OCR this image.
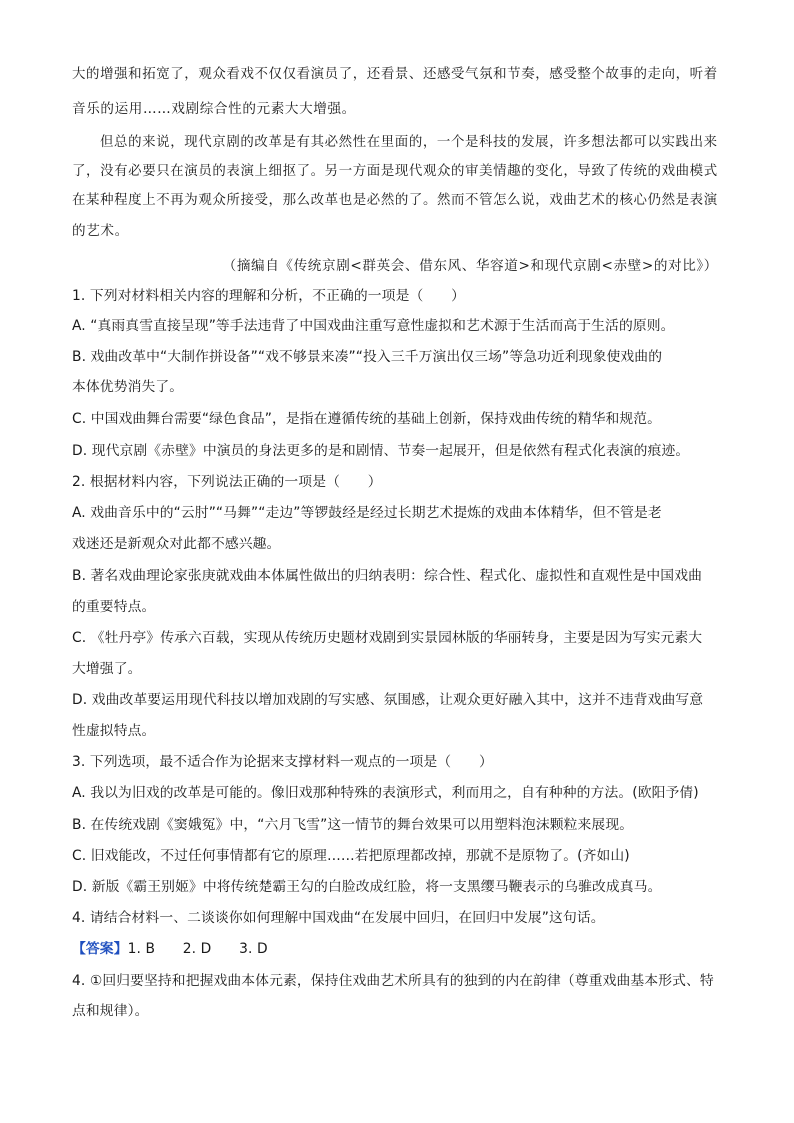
大的增强和拓宽了，观众看戏不仅仅看演员了，还看景、还感受气氛和节奏，感受整个故事的走向，听着
音乐的运用……戏剧综合性的元素大大增强。
但总的来说，现代京剧的改革是有其必然性在里面的，一个是科技的发展，许多想法都可以实践出来
了，没有必要只在演员的表演上细抠了。另一方面是现代观众的审美情趣的变化，导致了传统的戏曲模式
在某种程度上不再为观众所接受，那么改革也是必然的了。然而不管怎么说，戏曲艺术的核心仍然是表演
的艺术。
（摘编自《传统京剧<群英会、借东风、华容道>和现代京剧<赤壁>的对比》）
1. 下列对材料相关内容的理解和分析，不正确的一项是（　　）
A. “真雨真雪直接呈现”等手法违背了中国戏曲注重写意性虚拟和艺术源于生活而高于生活的原则。
B. 戏曲改革中“大制作拼设备”“戏不够景来凑”“投入三千万演出仅三场”等急功近利现象使戏曲的
本体优势消失了。
C. 中国戏曲舞台需要“绿色食品”，是指在遵循传统的基础上创新，保持戏曲传统的精华和规范。
D. 现代京剧《赤壁》中演员的身法更多的是和剧情、节奏一起展开，但是依然有程式化表演的痕迹。
2. 根据材料内容，下列说法正确的一项是（　　）
A. 戏曲音乐中的“云肘”“马舞”“走边”等锣鼓经是经过长期艺术提炼的戏曲本体精华，但不管是老
戏迷还是新观众对此都不感兴趣。
B. 著名戏曲理论家张庚就戏曲本体属性做出的归纳表明：综合性、程式化、虚拟性和直观性是中国戏曲
的重要特点。
C. 《牡丹亭》传承六百载，实现从传统历史题材戏剧到实景园林版的华丽转身，主要是因为写实元素大
大增强了。
D. 戏曲改革要运用现代科技以增加戏剧的写实感、氛围感，让观众更好融入其中，这并不违背戏曲写意
性虚拟特点。
3. 下列选项，最不适合作为论据来支撑材料一观点的一项是（　　）
A. 我以为旧戏的改革是可能的。像旧戏那种特殊的表演形式，利而用之，自有种种的方法。(欧阳予倩)
B. 在传统戏剧《窦娥冤》中，“六月飞雪”这一情节的舞台效果可以用塑料泡沫颗粒来展现。
C. 旧戏能改，不过任何事情都有它的原理……若把原理都改掉，那就不是原物了。(齐如山)
D. 新版《霸王别姬》中将传统楚霸王勾的白脸改成红脸，将一支黑缨马鞭表示的乌骓改成真马。
4. 请结合材料一、二谈谈你如何理解中国戏曲“在发展中回归，在回归中发展”这句话。
【答案】1. B　　2. D　　3. D
4. ①回归要坚持和把握戏曲本体元素，保持住戏曲艺术所具有的独到的内在韵律（尊重戏曲基本形式、特
点和规律）。
